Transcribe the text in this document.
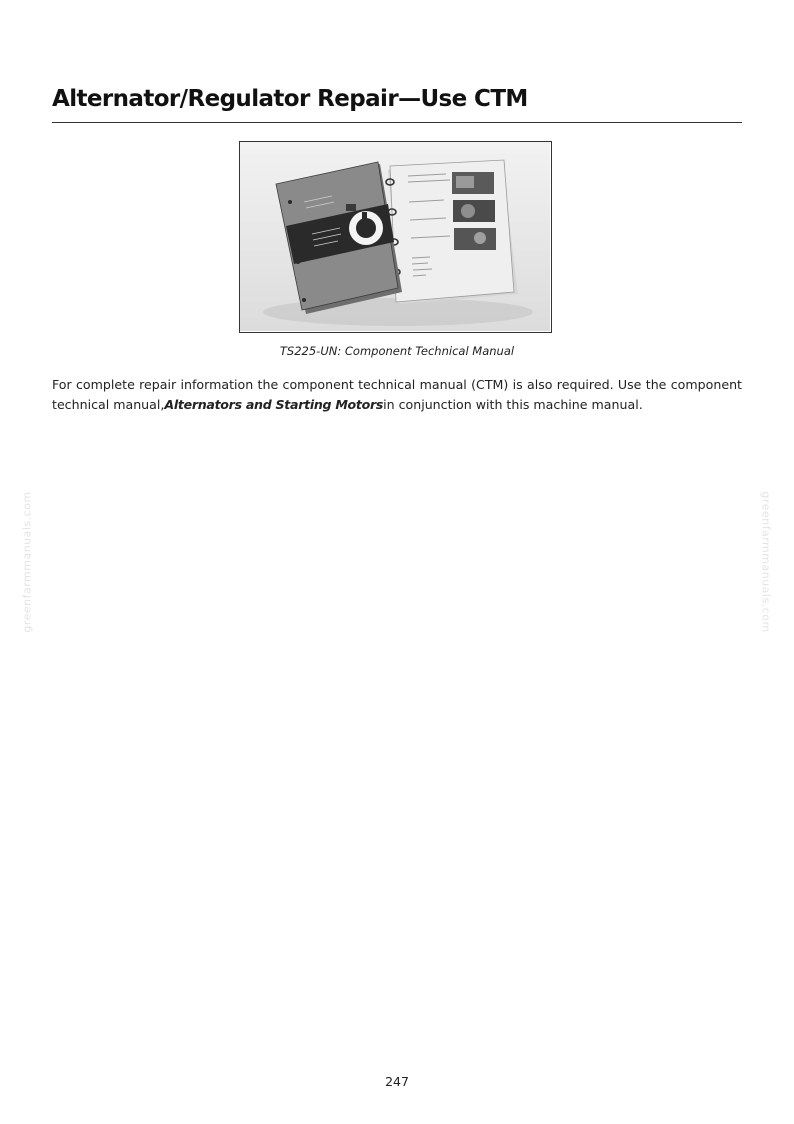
Alternator/Regulator Repair—Use CTM
TS225-UN: Component Technical Manual

For complete repair information the component technical manual (CTM) is also required. Use the component technical manual,Alternators and Starting Motorsin conjunction with this machine manual.

greenfarmmanuals.com	greenfarmmanuals.com
247
